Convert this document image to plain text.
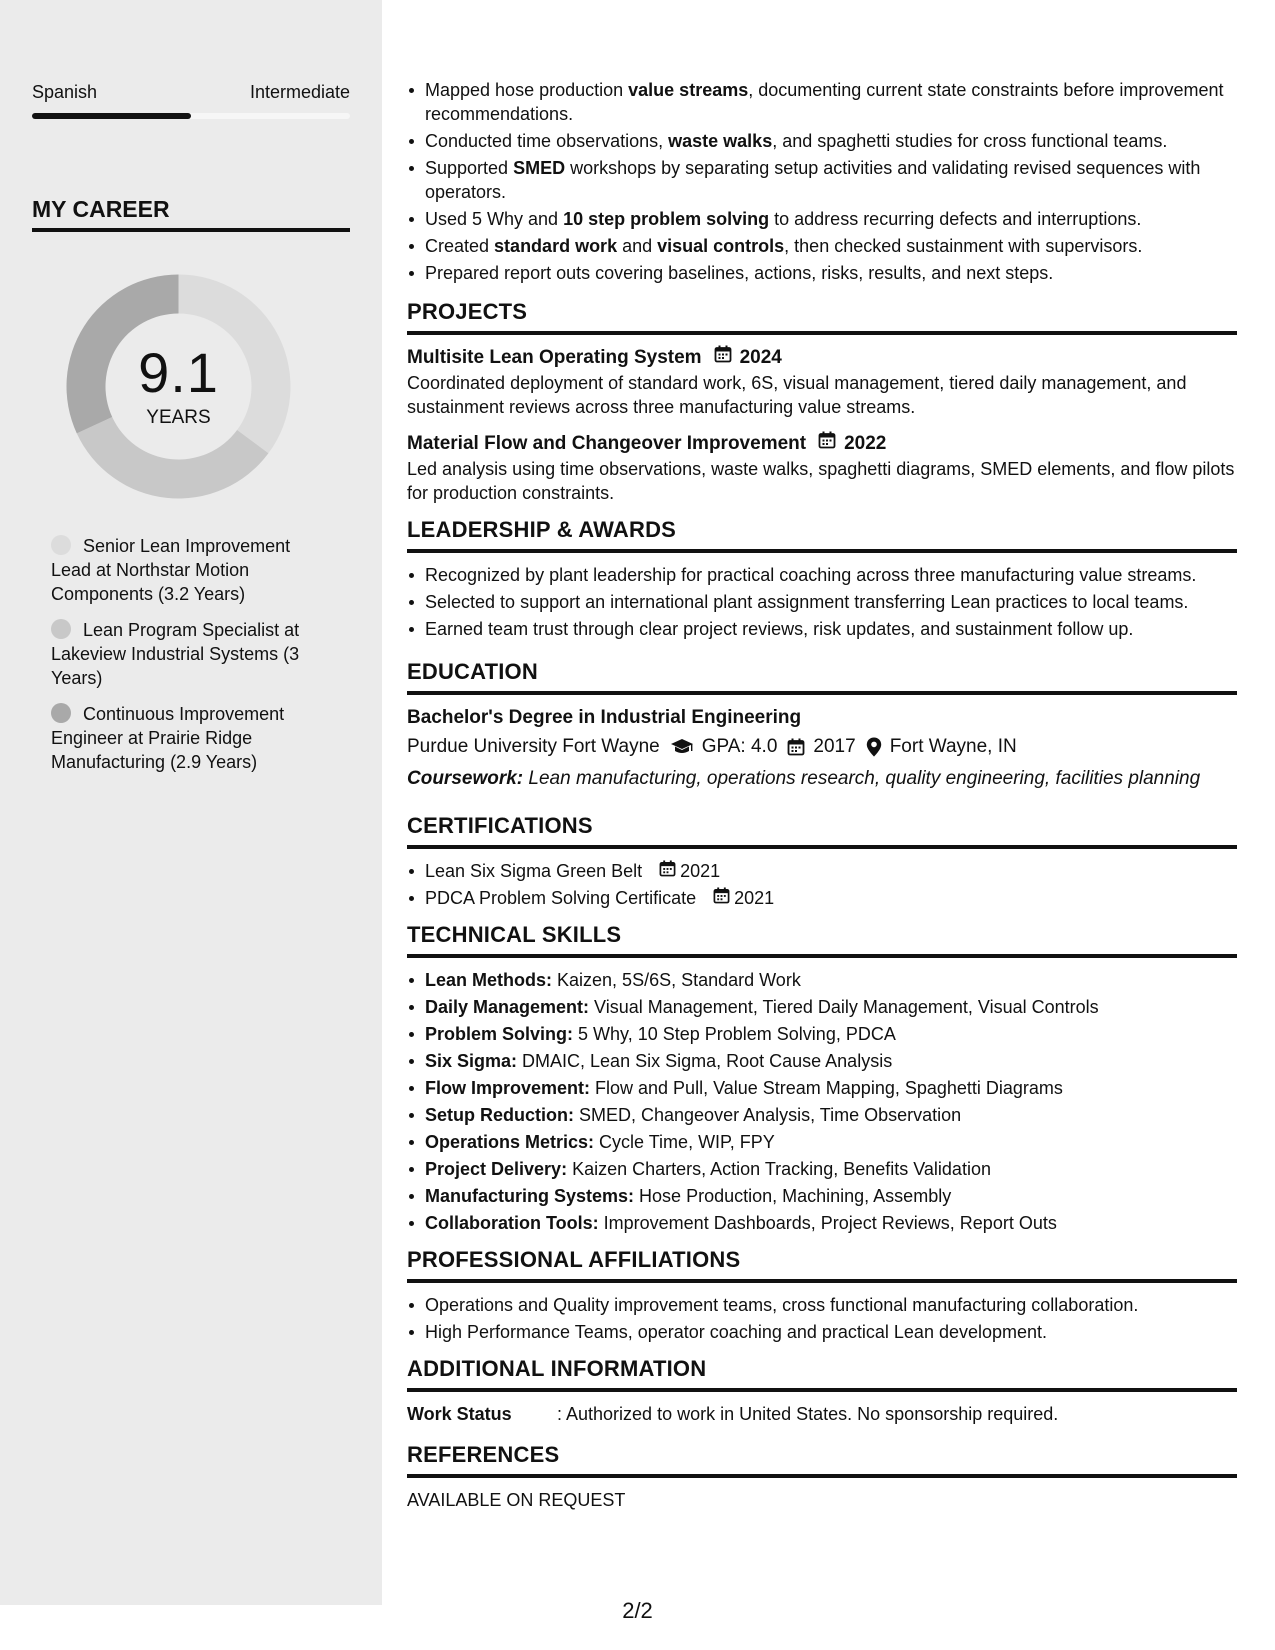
Spanish	Intermediate
MY CAREER
9.1
YEARS
Senior Lean Improvement Lead at Northstar Motion Components (3.2 Years)
Lean Program Specialist at Lakeview Industrial Systems (3 Years)
Continuous Improvement Engineer at Prairie Ridge Manufacturing (2.9 Years)
Mapped hose production value streams, documenting current state constraints before improvement recommendations.
Conducted time observations, waste walks, and spaghetti studies for cross functional teams.
Supported SMED workshops by separating setup activities and validating revised sequences with operators.
Used 5 Why and 10 step problem solving to address recurring defects and interruptions.
Created standard work and visual controls, then checked sustainment with supervisors.
Prepared report outs covering baselines, actions, risks, results, and next steps.
PROJECTS
Multisite Lean Operating System 2024
Coordinated deployment of standard work, 6S, visual management, tiered daily management, and sustainment reviews across three manufacturing value streams.
Material Flow and Changeover Improvement 2022
Led analysis using time observations, waste walks, spaghetti diagrams, SMED elements, and flow pilots for production constraints.
LEADERSHIP & AWARDS
Recognized by plant leadership for practical coaching across three manufacturing value streams.
Selected to support an international plant assignment transferring Lean practices to local teams.
Earned team trust through clear project reviews, risk updates, and sustainment follow up.
EDUCATION
Bachelor's Degree in Industrial Engineering
Purdue University Fort Wayne GPA: 4.0 2017 Fort Wayne, IN
Coursework: Lean manufacturing, operations research, quality engineering, facilities planning
CERTIFICATIONS
Lean Six Sigma Green Belt 2021
PDCA Problem Solving Certificate 2021
TECHNICAL SKILLS
Lean Methods: Kaizen, 5S/6S, Standard Work
Daily Management: Visual Management, Tiered Daily Management, Visual Controls
Problem Solving: 5 Why, 10 Step Problem Solving, PDCA
Six Sigma: DMAIC, Lean Six Sigma, Root Cause Analysis
Flow Improvement: Flow and Pull, Value Stream Mapping, Spaghetti Diagrams
Setup Reduction: SMED, Changeover Analysis, Time Observation
Operations Metrics: Cycle Time, WIP, FPY
Project Delivery: Kaizen Charters, Action Tracking, Benefits Validation
Manufacturing Systems: Hose Production, Machining, Assembly
Collaboration Tools: Improvement Dashboards, Project Reviews, Report Outs
PROFESSIONAL AFFILIATIONS
Operations and Quality improvement teams, cross functional manufacturing collaboration.
High Performance Teams, operator coaching and practical Lean development.
ADDITIONAL INFORMATION
Work Status	: Authorized to work in United States. No sponsorship required.
REFERENCES
AVAILABLE ON REQUEST
2/2
